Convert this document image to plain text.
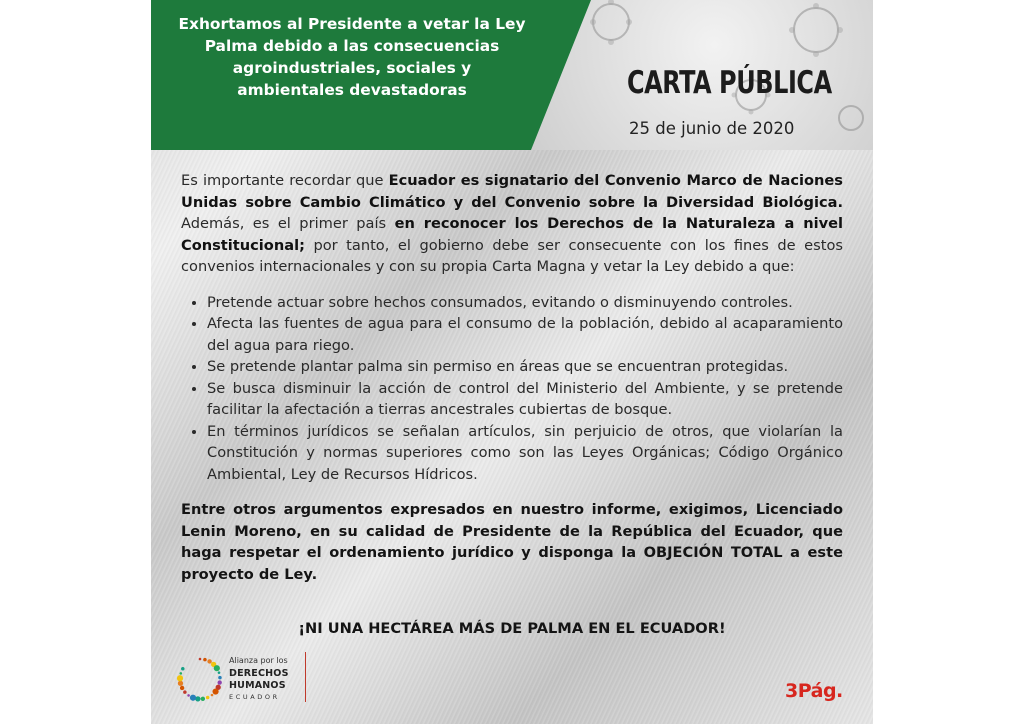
Exhortamos al Presidente a vetar la Ley
Palma debido a las consecuencias
agroindustriales, sociales y
ambientales devastadoras	CARTA PÚBLICA
25 de junio de 2020

Es importante recordar que Ecuador es signatario del Convenio Marco de Naciones Unidas sobre Cambio Climático y del Convenio sobre la Diversidad Biológica. Además, es el primer país en reconocer los Derechos de la Naturaleza a nivel Constitucional; por tanto, el gobierno debe ser consecuente con los fines de estos convenios internacionales y con su propia Carta Magna y vetar la Ley debido a que:

• Pretende actuar sobre hechos consumados, evitando o disminuyendo controles.
• Afecta las fuentes de agua para el consumo de la población, debido al acaparamiento del agua para riego.
• Se pretende plantar palma sin permiso en áreas que se encuentran protegidas.
• Se busca disminuir la acción de control del Ministerio del Ambiente, y se pretende facilitar la afectación a tierras ancestrales cubiertas de bosque.
• En términos jurídicos se señalan artículos, sin perjuicio de otros, que violarían la Constitución y normas superiores como son las Leyes Orgánicas; Código Orgánico Ambiental, Ley de Recursos Hídricos.

Entre otros argumentos expresados en nuestro informe, exigimos, Licenciado Lenin Moreno, en su calidad de Presidente de la República del Ecuador, que haga respetar el ordenamiento jurídico y disponga la OBJECIÓN TOTAL a este proyecto de Ley.

¡NI UNA HECTÁREA MÁS DE PALMA EN EL ECUADOR!
Alianza por los
DERECHOS
HUMANOS
ECUADOR	3Pág.
